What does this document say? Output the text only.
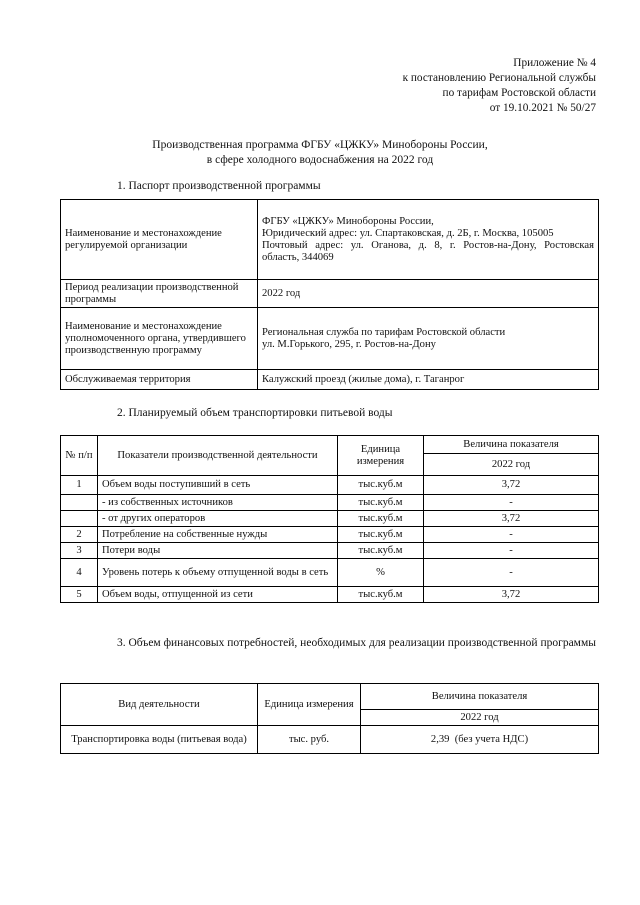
Приложение № 4
к постановлению Региональной службы
по тарифам Ростовской области
от 19.10.2021 № 50/27
Производственная программа ФГБУ «ЦЖКУ» Минобороны России,
в сфере холодного водоснабжения на 2022 год
1. Паспорт производственной программы
Наименование и местонахождение регулируемой организации	ФГБУ «ЦЖКУ» Минобороны России,
Юридический адрес: ул. Спартаковская, д. 2Б, г. Москва, 105005
Почтовый адрес: ул. Оганова, д. 8, г. Ростов-на-Дону, Ростовская область, 344069

Период реализации производственной программы	2022 год
Наименование и местонахождение уполномоченного органа, утвердившего производственную программу	Региональная служба по тарифам Ростовской области
ул. М.Горького, 295, г. Ростов-на-Дону

Обслуживаемая территория	Калужский проезд (жилые дома), г. Таганрог
2. Планируемый объем транспортировки питьевой воды
№ п/п	Показатели производственной деятельности	Единица измерения	Величина показателя
			2022 год
1	Объем воды поступивший в сеть	тыс.куб.м	3,72
	- из собственных источников	тыс.куб.м	-
	- от других операторов	тыс.куб.м	3,72
2	Потребление на собственные нужды	тыс.куб.м	-
3	Потери воды	тыс.куб.м	-
4	Уровень потерь к объему отпущенной воды в сеть	%	-
5	Объем воды, отпущенной из сети	тыс.куб.м	3,72
3. Объем финансовых потребностей, необходимых для реализации производственной программы
Вид деятельности	Единица измерения	Величина показателя
		2022 год
Транспортировка воды (питьевая вода)	тыс. руб.	2,39  (без учета НДС)
